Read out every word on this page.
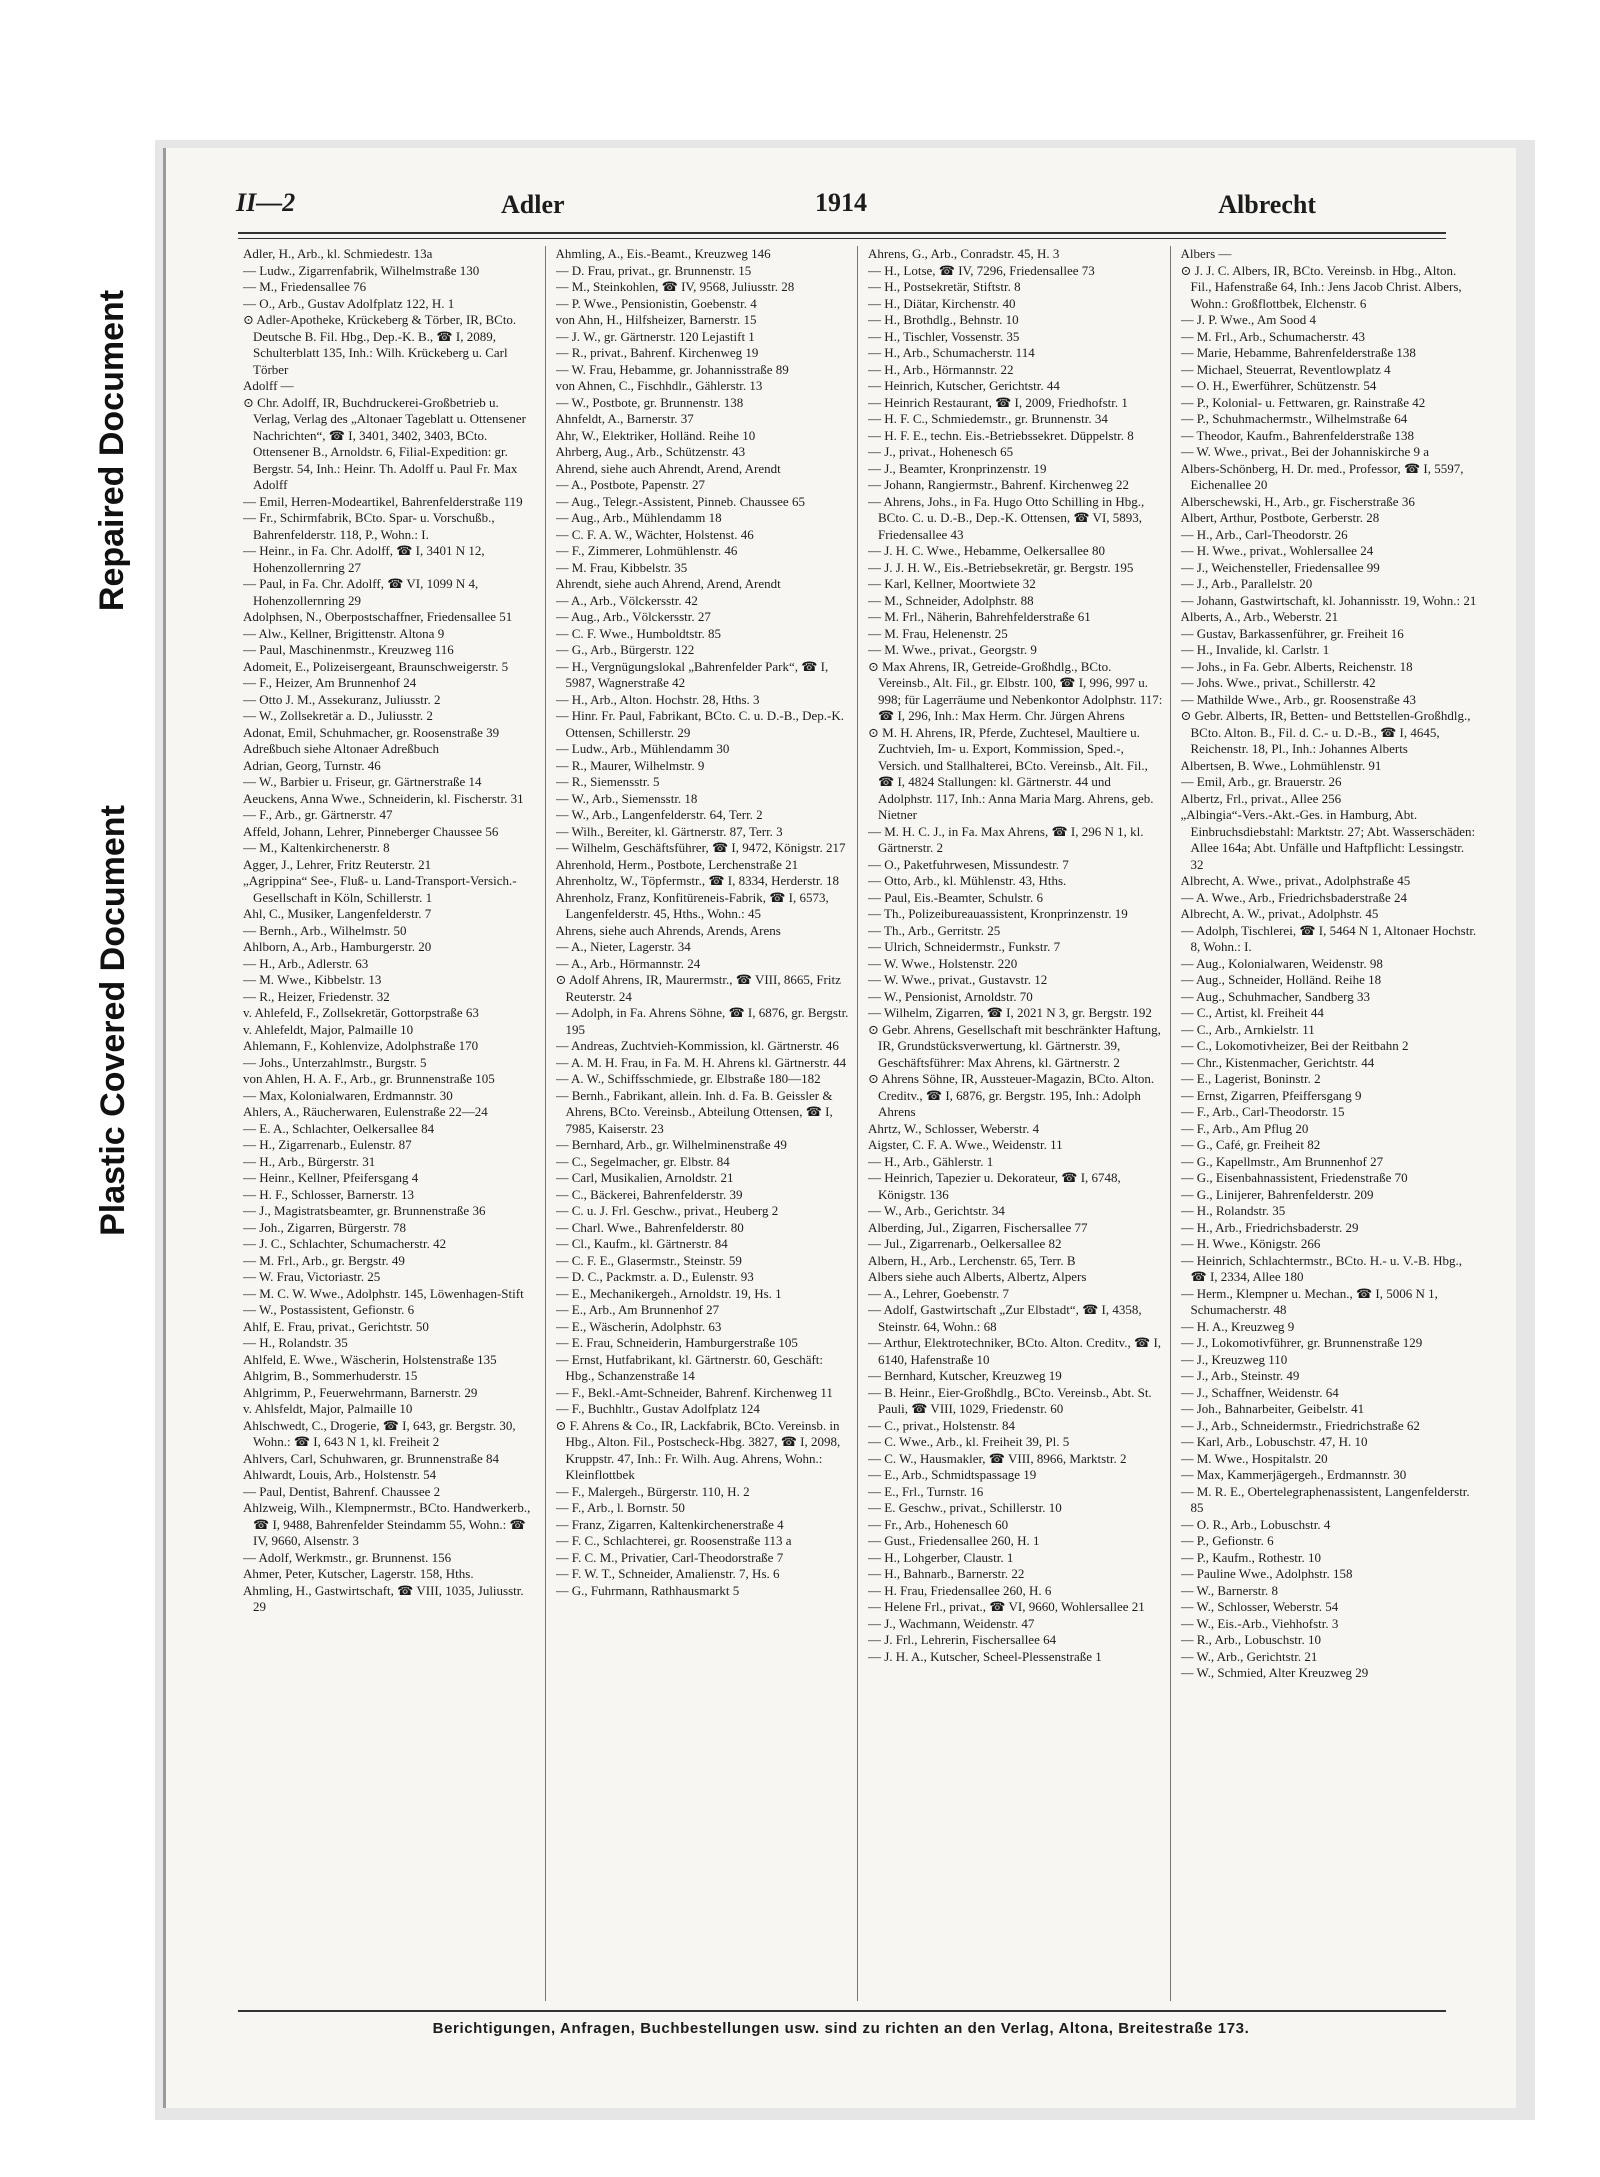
Repaired Document
Plastic Covered Document
II—2	Adler	1914	Albrecht

Adler, H., Arb., kl. Schmiedestr. 13a

— Ludw., Zigarrenfabrik, Wilhelmstraße 130

— M., Friedensallee 76

— O., Arb., Gustav Adolfplatz 122, H. 1

⊙ Adler-Apotheke, Krückeberg & Törber, IR, BCto. Deutsche B. Fil. Hbg., Dep.-K. B., ☎ I, 2089, Schulterblatt 135, Inh.: Wilh. Krückeberg u. Carl Törber

Adolff —

⊙ Chr. Adolff, IR, Buchdruckerei-Großbetrieb u. Verlag, Verlag des „Altonaer Tageblatt u. Ottensener Nachrichten“, ☎ I, 3401, 3402, 3403, BCto. Ottensener B., Arnoldstr. 6, Filial-Expedition: gr. Bergstr. 54, Inh.: Heinr. Th. Adolff u. Paul Fr. Max Adolff

— Emil, Herren-Modeartikel, Bahrenfelderstraße 119

— Fr., Schirmfabrik, BCto. Spar- u. Vorschußb., Bahrenfelderstr. 118, P., Wohn.: I.

— Heinr., in Fa. Chr. Adolff, ☎ I, 3401 N 12, Hohenzollernring 27

— Paul, in Fa. Chr. Adolff, ☎ VI, 1099 N 4, Hohenzollernring 29

Adolphsen, N., Oberpostschaffner, Friedensallee 51

— Alw., Kellner, Brigittenstr. Altona 9

— Paul, Maschinenmstr., Kreuzweg 116

Adomeit, E., Polizeisergeant, Braunschweigerstr. 5

— F., Heizer, Am Brunnenhof 24

— Otto J. M., Assekuranz, Juliusstr. 2

— W., Zollsekretär a. D., Juliusstr. 2

Adonat, Emil, Schuhmacher, gr. Roosenstraße 39

Adreßbuch siehe Altonaer Adreßbuch

Adrian, Georg, Turnstr. 46

— W., Barbier u. Friseur, gr. Gärtnerstraße 14

Aeuckens, Anna Wwe., Schneiderin, kl. Fischerstr. 31

— F., Arb., gr. Gärtnerstr. 47

Affeld, Johann, Lehrer, Pinneberger Chaussee 56

— M., Kaltenkirchenerstr. 8

Agger, J., Lehrer, Fritz Reuterstr. 21

„Agrippina“ See-, Fluß- u. Land-Transport-Versich.-Gesellschaft in Köln, Schillerstr. 1

Ahl, C., Musiker, Langenfelderstr. 7

— Bernh., Arb., Wilhelmstr. 50

Ahlborn, A., Arb., Hamburgerstr. 20

— H., Arb., Adlerstr. 63

— M. Wwe., Kibbelstr. 13

— R., Heizer, Friedenstr. 32

v. Ahlefeld, F., Zollsekretär, Gottorpstraße 63

v. Ahlefeldt, Major, Palmaille 10

Ahlemann, F., Kohlenvize, Adolphstraße 170

— Johs., Unterzahlmstr., Burgstr. 5

von Ahlen, H. A. F., Arb., gr. Brunnenstraße 105

— Max, Kolonialwaren, Erdmannstr. 30

Ahlers, A., Räucherwaren, Eulenstraße 22—24

— E. A., Schlachter, Oelkersallee 84

— H., Zigarrenarb., Eulenstr. 87

— H., Arb., Bürgerstr. 31

— Heinr., Kellner, Pfeifersgang 4

— H. F., Schlosser, Barnerstr. 13

— J., Magistratsbeamter, gr. Brunnenstraße 36

— Joh., Zigarren, Bürgerstr. 78

— J. C., Schlachter, Schumacherstr. 42

— M. Frl., Arb., gr. Bergstr. 49

— W. Frau, Victoriastr. 25

— M. C. W. Wwe., Adolphstr. 145, Löwenhagen-Stift

— W., Postassistent, Gefionstr. 6

Ahlf, E. Frau, privat., Gerichtstr. 50

— H., Rolandstr. 35

Ahlfeld, E. Wwe., Wäscherin, Holstenstraße 135

Ahlgrim, B., Sommerhuderstr. 15

Ahlgrimm, P., Feuerwehrmann, Barnerstr. 29

v. Ahlsfeldt, Major, Palmaille 10

Ahlschwedt, C., Drogerie, ☎ I, 643, gr. Bergstr. 30, Wohn.: ☎ I, 643 N 1, kl. Freiheit 2

Ahlvers, Carl, Schuhwaren, gr. Brunnenstraße 84

Ahlwardt, Louis, Arb., Holstenstr. 54

— Paul, Dentist, Bahrenf. Chaussee 2

Ahlzweig, Wilh., Klempnermstr., BCto. Handwerkerb., ☎ I, 9488, Bahrenfelder Steindamm 55, Wohn.: ☎ IV, 9660, Alsenstr. 3

— Adolf, Werkmstr., gr. Brunnenst. 156

Ahmer, Peter, Kutscher, Lagerstr. 158, Hths.

Ahmling, H., Gastwirtschaft, ☎ VIII, 1035, Juliusstr. 29

Ahmling, A., Eis.-Beamt., Kreuzweg 146

— D. Frau, privat., gr. Brunnenstr. 15

— M., Steinkohlen, ☎ IV, 9568, Juliusstr. 28

— P. Wwe., Pensionistin, Goebenstr. 4

von Ahn, H., Hilfsheizer, Barnerstr. 15

— J. W., gr. Gärtnerstr. 120 Lejastift 1

— R., privat., Bahrenf. Kirchenweg 19

— W. Frau, Hebamme, gr. Johannisstraße 89

von Ahnen, C., Fischhdlr., Gählerstr. 13

— W., Postbote, gr. Brunnenstr. 138

Ahnfeldt, A., Barnerstr. 37

Ahr, W., Elektriker, Holländ. Reihe 10

Ahrberg, Aug., Arb., Schützenstr. 43

Ahrend, siehe auch Ahrendt, Arend, Arendt

— A., Postbote, Papenstr. 27

— Aug., Telegr.-Assistent, Pinneb. Chaussee 65

— Aug., Arb., Mühlendamm 18

— C. F. A. W., Wächter, Holstenst. 46

— F., Zimmerer, Lohmühlenstr. 46

— M. Frau, Kibbelstr. 35

Ahrendt, siehe auch Ahrend, Arend, Arendt

— A., Arb., Völckersstr. 42

— Aug., Arb., Völckersstr. 27

— C. F. Wwe., Humboldtstr. 85

— G., Arb., Bürgerstr. 122

— H., Vergnügungslokal „Bahrenfelder Park“, ☎ I, 5987, Wagnerstraße 42

— H., Arb., Alton. Hochstr. 28, Hths. 3

— Hinr. Fr. Paul, Fabrikant, BCto. C. u. D.-B., Dep.-K. Ottensen, Schillerstr. 29

— Ludw., Arb., Mühlendamm 30

— R., Maurer, Wilhelmstr. 9

— R., Siemensstr. 5

— W., Arb., Siemensstr. 18

— W., Arb., Langenfelderstr. 64, Terr. 2

— Wilh., Bereiter, kl. Gärtnerstr. 87, Terr. 3

— Wilhelm, Geschäftsführer, ☎ I, 9472, Königstr. 217

Ahrenhold, Herm., Postbote, Lerchenstraße 21

Ahrenholtz, W., Töpfermstr., ☎ I, 8334, Herderstr. 18

Ahrenholz, Franz, Konfitüreneis-Fabrik, ☎ I, 6573, Langenfelderstr. 45, Hths., Wohn.: 45

Ahrens, siehe auch Ahrends, Arends, Arens

— A., Nieter, Lagerstr. 34

— A., Arb., Hörmannstr. 24

⊙ Adolf Ahrens, IR, Maurermstr., ☎ VIII, 8665, Fritz Reuterstr. 24

— Adolph, in Fa. Ahrens Söhne, ☎ I, 6876, gr. Bergstr. 195

— Andreas, Zuchtvieh-Kommission, kl. Gärtnerstr. 46

— A. M. H. Frau, in Fa. M. H. Ahrens kl. Gärtnerstr. 44

— A. W., Schiffsschmiede, gr. Elbstraße 180—182

— Bernh., Fabrikant, allein. Inh. d. Fa. B. Geissler & Ahrens, BCto. Vereinsb., Abteilung Ottensen, ☎ I, 7985, Kaiserstr. 23

— Bernhard, Arb., gr. Wilhelminenstraße 49

— C., Segelmacher, gr. Elbstr. 84

— Carl, Musikalien, Arnoldstr. 21

— C., Bäckerei, Bahrenfelderstr. 39

— C. u. J. Frl. Geschw., privat., Heuberg 2

— Charl. Wwe., Bahrenfelderstr. 80

— Cl., Kaufm., kl. Gärtnerstr. 84

— C. F. E., Glasermstr., Steinstr. 59

— D. C., Packmstr. a. D., Eulenstr. 93

— E., Mechanikergeh., Arnoldstr. 19, Hs. 1

— E., Arb., Am Brunnenhof 27

— E., Wäscherin, Adolphstr. 63

— E. Frau, Schneiderin, Hamburgerstraße 105

— Ernst, Hutfabrikant, kl. Gärtnerstr. 60, Geschäft: Hbg., Schanzenstraße 14

— F., Bekl.-Amt-Schneider, Bahrenf. Kirchenweg 11

— F., Buchhltr., Gustav Adolfplatz 124

⊙ F. Ahrens & Co., IR, Lackfabrik, BCto. Vereinsb. in Hbg., Alton. Fil., Postscheck-Hbg. 3827, ☎ I, 2098, Kruppstr. 47, Inh.: Fr. Wilh. Aug. Ahrens, Wohn.: Kleinflottbek

— F., Malergeh., Bürgerstr. 110, H. 2

— F., Arb., l. Bornstr. 50

— Franz, Zigarren, Kaltenkirchenerstraße 4

— F. C., Schlachterei, gr. Roosenstraße 113 a

— F. C. M., Privatier, Carl-Theodorstraße 7

— F. W. T., Schneider, Amalienstr. 7, Hs. 6

— G., Fuhrmann, Rathhausmarkt 5

Ahrens, G., Arb., Conradstr. 45, H. 3

— H., Lotse, ☎ IV, 7296, Friedensallee 73

— H., Postsekretär, Stiftstr. 8

— H., Diätar, Kirchenstr. 40

— H., Brothdlg., Behnstr. 10

— H., Tischler, Vossenstr. 35

— H., Arb., Schumacherstr. 114

— H., Arb., Hörmannstr. 22

— Heinrich, Kutscher, Gerichtstr. 44

— Heinrich Restaurant, ☎ I, 2009, Friedhofstr. 1

— H. F. C., Schmiedemstr., gr. Brunnenstr. 34

— H. F. E., techn. Eis.-Betriebssekret. Düppelstr. 8

— J., privat., Hohenesch 65

— J., Beamter, Kronprinzenstr. 19

— Johann, Rangiermstr., Bahrenf. Kirchenweg 22

— Ahrens, Johs., in Fa. Hugo Otto Schilling in Hbg., BCto. C. u. D.-B., Dep.-K. Ottensen, ☎ VI, 5893, Friedensallee 43

— J. H. C. Wwe., Hebamme, Oelkersallee 80

— J. J. H. W., Eis.-Betriebsekretär, gr. Bergstr. 195

— Karl, Kellner, Moortwiete 32

— M., Schneider, Adolphstr. 88

— M. Frl., Näherin, Bahrehfelderstraße 61

— M. Frau, Helenenstr. 25

— M. Wwe., privat., Georgstr. 9

⊙ Max Ahrens, IR, Getreide-Großhdlg., BCto. Vereinsb., Alt. Fil., gr. Elbstr. 100, ☎ I, 996, 997 u. 998; für Lagerräume und Nebenkontor Adolphstr. 117: ☎ I, 296, Inh.: Max Herm. Chr. Jürgen Ahrens

⊙ M. H. Ahrens, IR, Pferde, Zuchtesel, Maultiere u. Zuchtvieh, Im- u. Export, Kommission, Sped.-, Versich. und Stallhalterei, BCto. Vereinsb., Alt. Fil., ☎ I, 4824 Stallungen: kl. Gärtnerstr. 44 und Adolphstr. 117, Inh.: Anna Maria Marg. Ahrens, geb. Nietner

— M. H. C. J., in Fa. Max Ahrens, ☎ I, 296 N 1, kl. Gärtnerstr. 2

— O., Paketfuhrwesen, Missundestr. 7

— Otto, Arb., kl. Mühlenstr. 43, Hths.

— Paul, Eis.-Beamter, Schulstr. 6

— Th., Polizeibureauassistent, Kronprinzenstr. 19

— Th., Arb., Gerritstr. 25

— Ulrich, Schneidermstr., Funkstr. 7

— W. Wwe., Holstenstr. 220

— W. Wwe., privat., Gustavstr. 12

— W., Pensionist, Arnoldstr. 70

— Wilhelm, Zigarren, ☎ I, 2021 N 3, gr. Bergstr. 192

⊙ Gebr. Ahrens, Gesellschaft mit beschränkter Haftung, IR, Grundstücksverwertung, kl. Gärtnerstr. 39, Geschäftsführer: Max Ahrens, kl. Gärtnerstr. 2

⊙ Ahrens Söhne, IR, Aussteuer-Magazin, BCto. Alton. Creditv., ☎ I, 6876, gr. Bergstr. 195, Inh.: Adolph Ahrens

Ahrtz, W., Schlosser, Weberstr. 4

Aigster, C. F. A. Wwe., Weidenstr. 11

— H., Arb., Gählerstr. 1

— Heinrich, Tapezier u. Dekorateur, ☎ I, 6748, Königstr. 136

— W., Arb., Gerichtstr. 34

Alberding, Jul., Zigarren, Fischersallee 77

— Jul., Zigarrenarb., Oelkersallee 82

Albern, H., Arb., Lerchenstr. 65, Terr. B

Albers siehe auch Alberts, Albertz, Alpers

— A., Lehrer, Goebenstr. 7

— Adolf, Gastwirtschaft „Zur Elbstadt“, ☎ I, 4358, Steinstr. 64, Wohn.: 68

— Arthur, Elektrotechniker, BCto. Alton. Creditv., ☎ I, 6140, Hafenstraße 10

— Bernhard, Kutscher, Kreuzweg 19

— B. Heinr., Eier-Großhdlg., BCto. Vereinsb., Abt. St. Pauli, ☎ VIII, 1029, Friedenstr. 60

— C., privat., Holstenstr. 84

— C. Wwe., Arb., kl. Freiheit 39, Pl. 5

— C. W., Hausmakler, ☎ VIII, 8966, Marktstr. 2

— E., Arb., Schmidtspassage 19

— E., Frl., Turnstr. 16

— E. Geschw., privat., Schillerstr. 10

— Fr., Arb., Hohenesch 60

— Gust., Friedensallee 260, H. 1

— H., Lohgerber, Claustr. 1

— H., Bahnarb., Barnerstr. 22

— H. Frau, Friedensallee 260, H. 6

— Helene Frl., privat., ☎ VI, 9660, Wohlersallee 21

— J., Wachmann, Weidenstr. 47

— J. Frl., Lehrerin, Fischersallee 64

— J. H. A., Kutscher, Scheel-Plessenstraße 1

Albers —

⊙ J. J. C. Albers, IR, BCto. Vereinsb. in Hbg., Alton. Fil., Hafenstraße 64, Inh.: Jens Jacob Christ. Albers, Wohn.: Großflottbek, Elchenstr. 6

— J. P. Wwe., Am Sood 4

— M. Frl., Arb., Schumacherstr. 43

— Marie, Hebamme, Bahrenfelderstraße 138

— Michael, Steuerrat, Reventlowplatz 4

— O. H., Ewerführer, Schützenstr. 54

— P., Kolonial- u. Fettwaren, gr. Rainstraße 42

— P., Schuhmachermstr., Wilhelmstraße 64

— Theodor, Kaufm., Bahrenfelderstraße 138

— W. Wwe., privat., Bei der Johanniskirche 9 a

Albers-Schönberg, H. Dr. med., Professor, ☎ I, 5597, Eichenallee 20

Alberschewski, H., Arb., gr. Fischerstraße 36

Albert, Arthur, Postbote, Gerberstr. 28

— H., Arb., Carl-Theodorstr. 26

— H. Wwe., privat., Wohlersallee 24

— J., Weichensteller, Friedensallee 99

— J., Arb., Parallelstr. 20

— Johann, Gastwirtschaft, kl. Johannisstr. 19, Wohn.: 21

Alberts, A., Arb., Weberstr. 21

— Gustav, Barkassenführer, gr. Freiheit 16

— H., Invalide, kl. Carlstr. 1

— Johs., in Fa. Gebr. Alberts, Reichenstr. 18

— Johs. Wwe., privat., Schillerstr. 42

— Mathilde Wwe., Arb., gr. Roosenstraße 43

⊙ Gebr. Alberts, IR, Betten- und Bettstellen-Großhdlg., BCto. Alton. B., Fil. d. C.- u. D.-B., ☎ I, 4645, Reichenstr. 18, Pl., Inh.: Johannes Alberts

Albertsen, B. Wwe., Lohmühlenstr. 91

— Emil, Arb., gr. Brauerstr. 26

Albertz, Frl., privat., Allee 256

„Albingia“-Vers.-Akt.-Ges. in Hamburg, Abt. Einbruchsdiebstahl: Marktstr. 27; Abt. Wasserschäden: Allee 164a; Abt. Unfälle und Haftpflicht: Lessingstr. 32

Albrecht, A. Wwe., privat., Adolphstraße 45

— A. Wwe., Arb., Friedrichsbaderstraße 24

Albrecht, A. W., privat., Adolphstr. 45

— Adolph, Tischlerei, ☎ I, 5464 N 1, Altonaer Hochstr. 8, Wohn.: I.

— Aug., Kolonialwaren, Weidenstr. 98

— Aug., Schneider, Holländ. Reihe 18

— Aug., Schuhmacher, Sandberg 33

— C., Artist, kl. Freiheit 44

— C., Arb., Arnkielstr. 11

— C., Lokomotivheizer, Bei der Reitbahn 2

— Chr., Kistenmacher, Gerichtstr. 44

— E., Lagerist, Boninstr. 2

— Ernst, Zigarren, Pfeiffersgang 9

— F., Arb., Carl-Theodorstr. 15

— F., Arb., Am Pflug 20

— G., Café, gr. Freiheit 82

— G., Kapellmstr., Am Brunnenhof 27

— G., Eisenbahnassistent, Friedenstraße 70

— G., Linijerer, Bahrenfelderstr. 209

— H., Rolandstr. 35

— H., Arb., Friedrichsbaderstr. 29

— H. Wwe., Königstr. 266

— Heinrich, Schlachtermstr., BCto. H.- u. V.-B. Hbg., ☎ I, 2334, Allee 180

— Herm., Klempner u. Mechan., ☎ I, 5006 N 1, Schumacherstr. 48

— H. A., Kreuzweg 9

— J., Lokomotivführer, gr. Brunnenstraße 129

— J., Kreuzweg 110

— J., Arb., Steinstr. 49

— J., Schaffner, Weidenstr. 64

— Joh., Bahnarbeiter, Geibelstr. 41

— J., Arb., Schneidermstr., Friedrichstraße 62

— Karl, Arb., Lobuschstr. 47, H. 10

— M. Wwe., Hospitalstr. 20

— Max, Kammerjägergeh., Erdmannstr. 30

— M. R. E., Obertelegraphenassistent, Langenfelderstr. 85

— O. R., Arb., Lobuschstr. 4

— P., Gefionstr. 6

— P., Kaufm., Rothestr. 10

— Pauline Wwe., Adolphstr. 158

— W., Barnerstr. 8

— W., Schlosser, Weberstr. 54

— W., Eis.-Arb., Viehhofstr. 3

— R., Arb., Lobuschstr. 10

— W., Arb., Gerichtstr. 21

— W., Schmied, Alter Kreuzweg 29

Berichtigungen, Anfragen, Buchbestellungen usw. sind zu richten an den Verlag, Altona, Breitestraße 173.
